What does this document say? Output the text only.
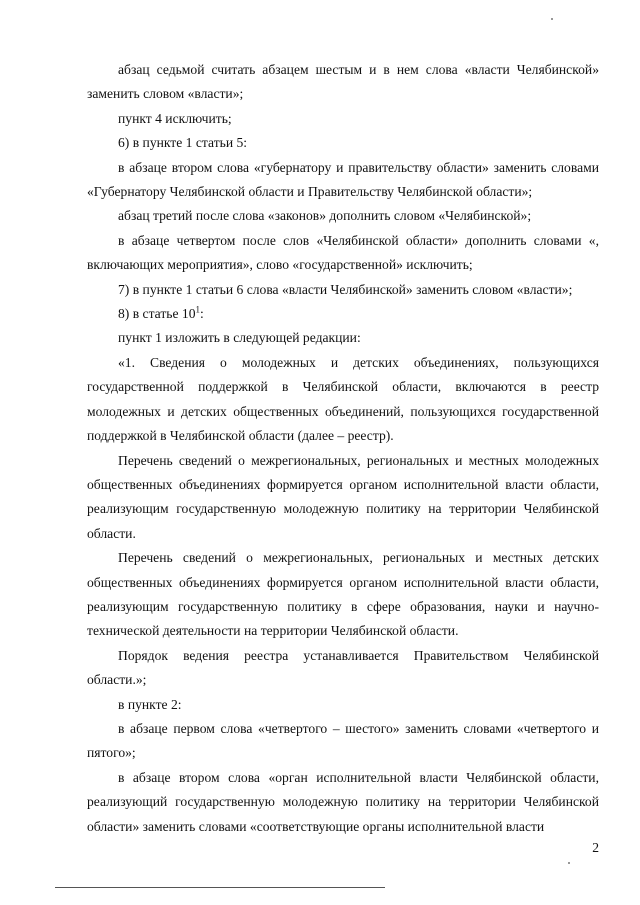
абзац седьмой считать абзацем шестым и в нем слова «власти Челябинской» заменить словом «власти»;

пункт 4 исключить;

6) в пункте 1 статьи 5:

в абзаце втором слова «губернатору и правительству области» заменить словами «Губернатору Челябинской области и Правительству Челябинской области»;

абзац третий после слова «законов» дополнить словом «Челябинской»;

в абзаце четвертом после слов «Челябинской области» дополнить словами «, включающих мероприятия», слово «государственной» исключить;

7) в пункте 1 статьи 6 слова «власти Челябинской» заменить словом «власти»;

8) в статье $10^1$:

пункт 1 изложить в следующей редакции:

«1. Сведения о молодежных и детских объединениях, пользующихся государственной поддержкой в Челябинской области, включаются в реестр молодежных и детских общественных объединений, пользующихся государственной поддержкой в Челябинской области (далее – реестр).

Перечень сведений о межрегиональных, региональных и местных молодежных общественных объединениях формируется органом исполнительной власти области, реализующим государственную молодежную политику на территории Челябинской области.

Перечень сведений о межрегиональных, региональных и местных детских общественных объединениях формируется органом исполнительной власти области, реализующим государственную политику в сфере образования, науки и научно-технической деятельности на территории Челябинской области.

Порядок ведения реестра устанавливается Правительством Челябинской области.»;

в пункте 2:

в абзаце первом слова «четвертого – шестого» заменить словами «четвертого и пятого»;

в абзаце втором слова «орган исполнительной власти Челябинской области, реализующий государственную молодежную политику на территории Челябинской области» заменить словами «соответствующие органы исполнительной власти

2
